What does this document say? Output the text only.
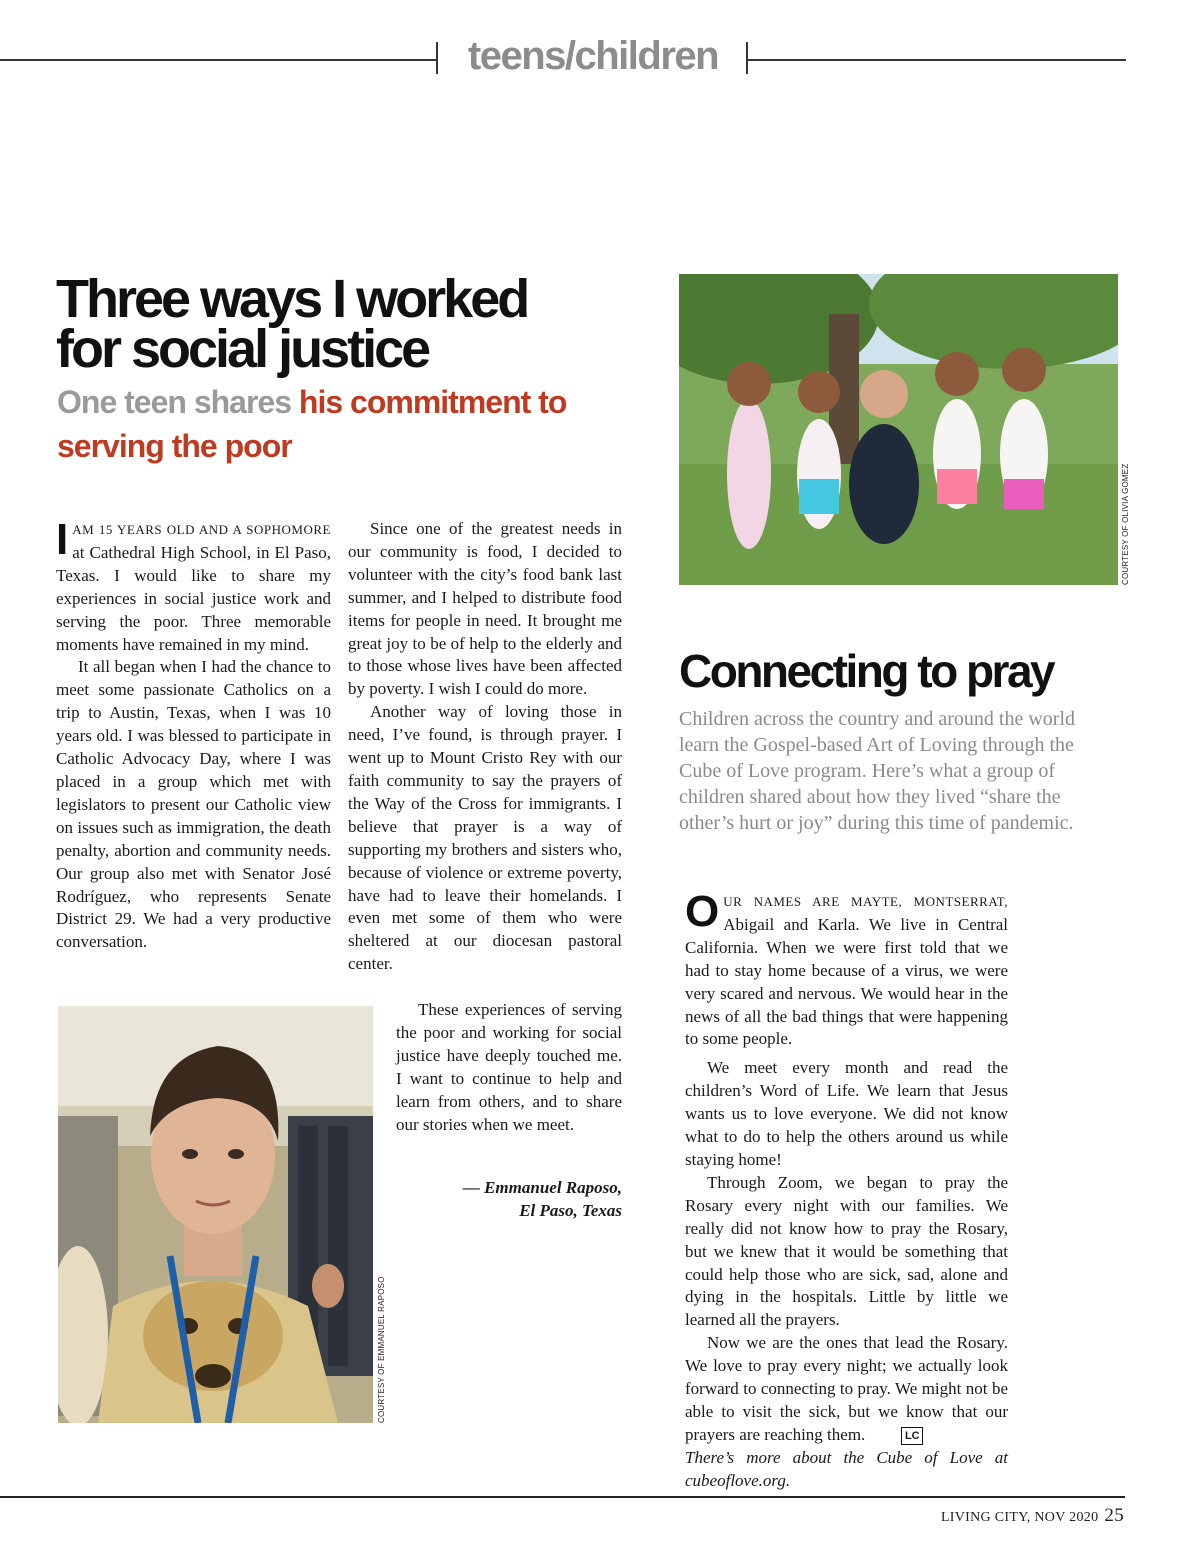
teens/children
Three ways I worked
for social justice
One teen shares his commitment to serving the poor

IAM 15 YEARS OLD AND A SOPHOMORE at Cathedral High School, in El Paso, Texas. I would like to share my experiences in social justice work and serving the poor. Three memorable moments have remained in my mind.

It all began when I had the chance to meet some passionate Catholics on a trip to Austin, Texas, when I was 10 years old. I was blessed to participate in Catholic Advocacy Day, where I was placed in a group which met with legislators to present our Catholic view on issues such as immigration, the death penalty, abortion and community needs. Our group also met with Senator José Rodríguez, who represents Senate District 29. We had a very productive conversation.

Since one of the greatest needs in our community is food, I decided to volunteer with the city’s food bank last summer, and I helped to distribute food items for people in need. It brought me great joy to be of help to the elderly and to those whose lives have been affected by poverty. I wish I could do more.

Another way of loving those in need, I’ve found, is through prayer. I went up to Mount Cristo Rey with our faith community to say the prayers of the Way of the Cross for immigrants. I believe that prayer is a way of supporting my brothers and sisters who, because of violence or extreme poverty, have had to leave their homelands. I even met some of them who were sheltered at our diocesan pastoral center.

These experiences of serving the poor and working for social justice have deeply touched me. I want to continue to help and learn from others, and to share our stories when we meet.

— Emmanuel Raposo,
El Paso, Texas
COURTESY OF EMMANUEL RAPOSO
COURTESY OF OLIVIA GOMEZ
Connecting to pray
Children across the country and around the world learn the Gospel-based Art of Loving through the Cube of Love program. Here’s what a group of children shared about how they lived “share the other’s hurt or joy” during this time of pandemic.

OUR NAMES ARE MAYTE, MONTSERRAT, Abigail and Karla. We live in Central California. When we were first told that we had to stay home because of a virus, we were very scared and nervous. We would hear in the news of all the bad things that were happening to some people.

We meet every month and read the children’s Word of Life. We learn that Jesus wants us to love everyone. We did not know what to do to help the others around us while staying home!

Through Zoom, we began to pray the Rosary every night with our families. We really did not know how to pray the Rosary, but we knew that it would be something that could help those who are sick, sad, alone and dying in the hospitals. Little by little we learned all the prayers.

Now we are the ones that lead the Rosary. We love to pray every night; we actually look forward to connecting to pray. We might not be able to visit the sick, but we know that our prayers are reaching them.	LC

There’s more about the Cube of Love at cubeoflove.org.

LIVING CITY, NOV 2020 25
